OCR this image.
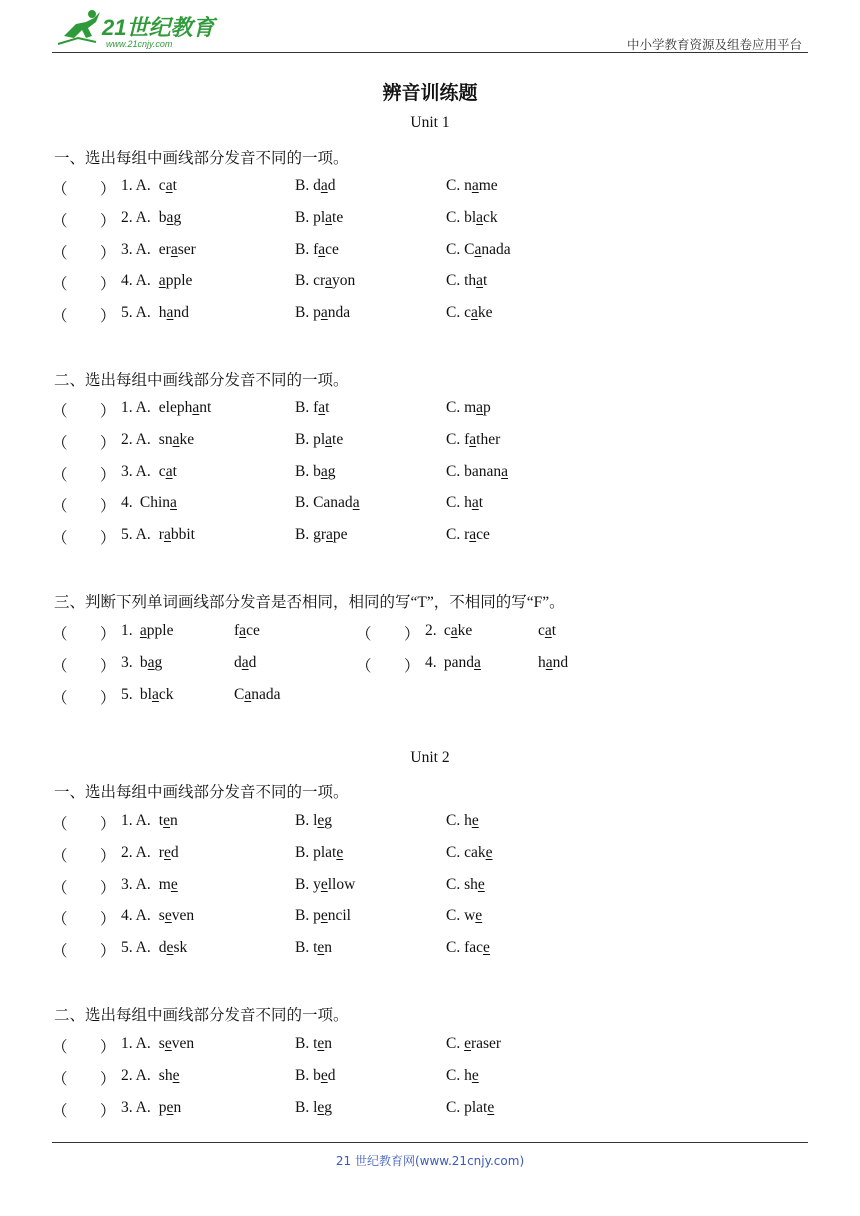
21世纪教育
www.21cnjy.com	中小学教育资源及组卷应用平台
辨音训练题
Unit 1
一、选出每组中画线部分发音不同的一项。
（ ） 1. A. cat	B. dad	C. name
（ ） 2. A. bag	B. plate	C. black
（ ） 3. A. eraser	B. face	C. Canada
（ ） 4. A. apple	B. crayon	C. that
（ ） 5. A. hand	B. panda	C. cake
二、选出每组中画线部分发音不同的一项。
（ ） 1. A. elephant	B. fat	C. map
（ ） 2. A. snake	B. plate	C. father
（ ） 3. A. cat	B. bag	C. banana
（ ） 4. China	B. Canada	C. hat
（ ） 5. A. rabbit	B. grape	C. race
三、判断下列单词画线部分发音是否相同，相同的写“T”，不相同的写“F”。
（ ） 1. apple	face	（ ） 2. cake	cat
（ ） 3. bag	dad	（ ） 4. panda	hand
（ ） 5. black	Canada
Unit 2
一、选出每组中画线部分发音不同的一项。
（ ） 1. A. ten	B. leg	C. he
（ ） 2. A. red	B. plate	C. cake
（ ） 3. A. me	B. yellow	C. she
（ ） 4. A. seven	B. pencil	C. we
（ ） 5. A. desk	B. ten	C. face
二、选出每组中画线部分发音不同的一项。
（ ） 1. A. seven	B. ten	C. eraser
（ ） 2. A. she	B. bed	C. he
（ ） 3. A. pen	B. leg	C. plate
21 世纪教育网(www.21cnjy.com)
